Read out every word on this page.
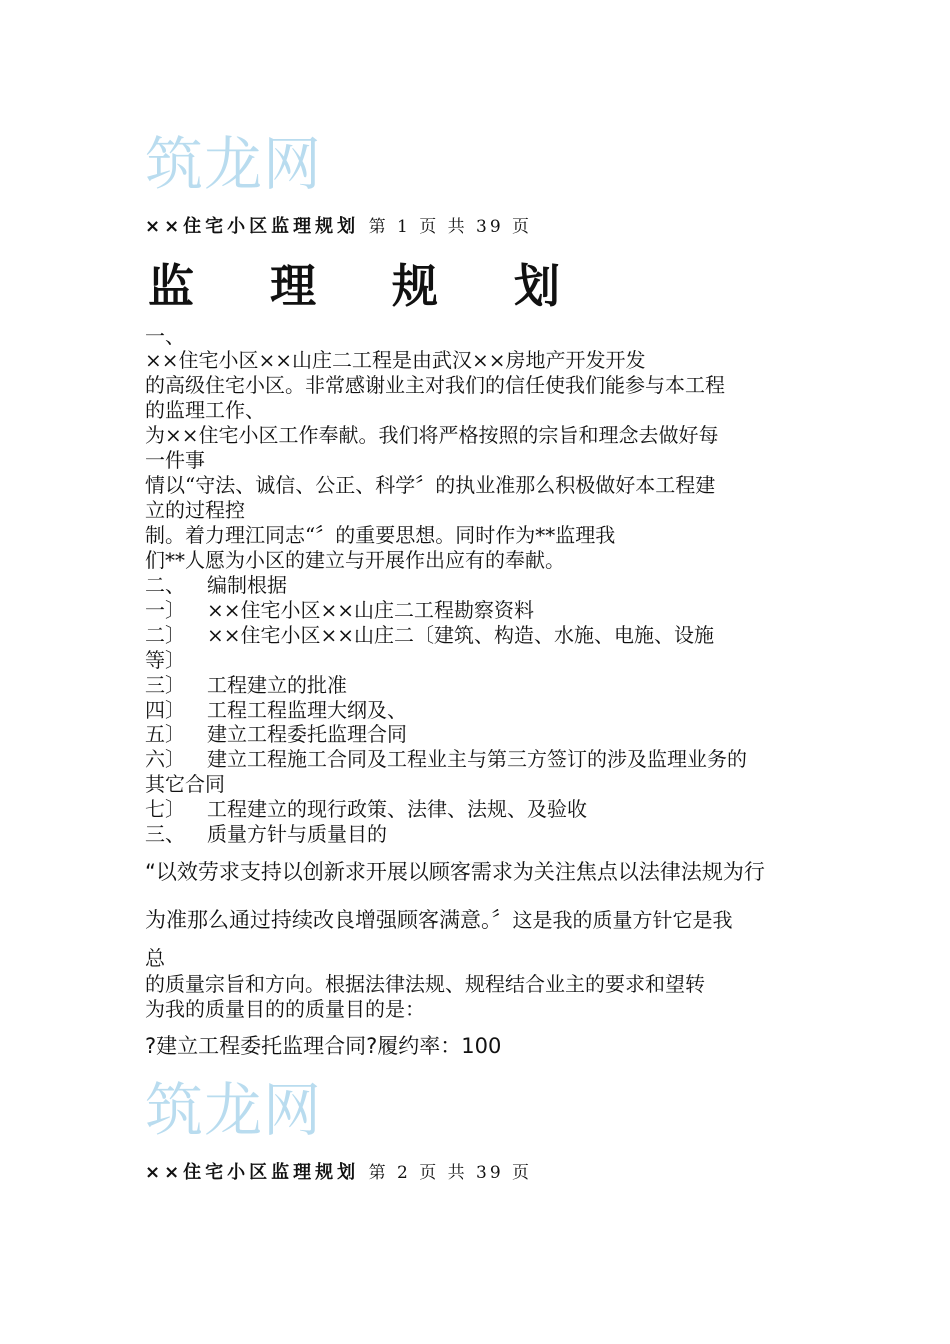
筑龙网
××住宅小区监理规划 第 1 页 共 39 页
监 理 规 划
一、
××住宅小区××山庄二工程是由武汉××房地产开发开发
的高级住宅小区。非常感谢业主对我们的信任使我们能参与本工程
的监理工作、
为××住宅小区工作奉献。我们将严格按照的宗旨和理念去做好每
一件事
情以“守法、诚信、公正、科学〞的执业准那么积极做好本工程建
立的过程控
制。着力理江同志“〞的重要思想。同时作为**监理我
们**人愿为小区的建立与开展作出应有的奉献。
二、 编制根据
一〕 ××住宅小区××山庄二工程勘察资料
二〕 ××住宅小区××山庄二〔建筑、构造、水施、电施、设施
等〕
三〕 工程建立的批准
四〕 工程工程监理大纲及、
五〕 建立工程委托监理合同
六〕 建立工程施工合同及工程业主与第三方签订的涉及监理业务的
其它合同
七〕 工程建立的现行政策、法律、法规、及验收
三、 质量方针与质量目的
“以效劳求支持以创新求开展以顾客需求为关注焦点以法律法规为行
为准那么通过持续改良增强顾客满意。〞这是我的质量方针它是我
总
的质量宗旨和方向。根据法律法规、规程结合业主的要求和望转
为我的质量目的的质量目的是：
?建立工程委托监理合同?履约率：100
筑龙网
××住宅小区监理规划 第 2 页 共 39 页
